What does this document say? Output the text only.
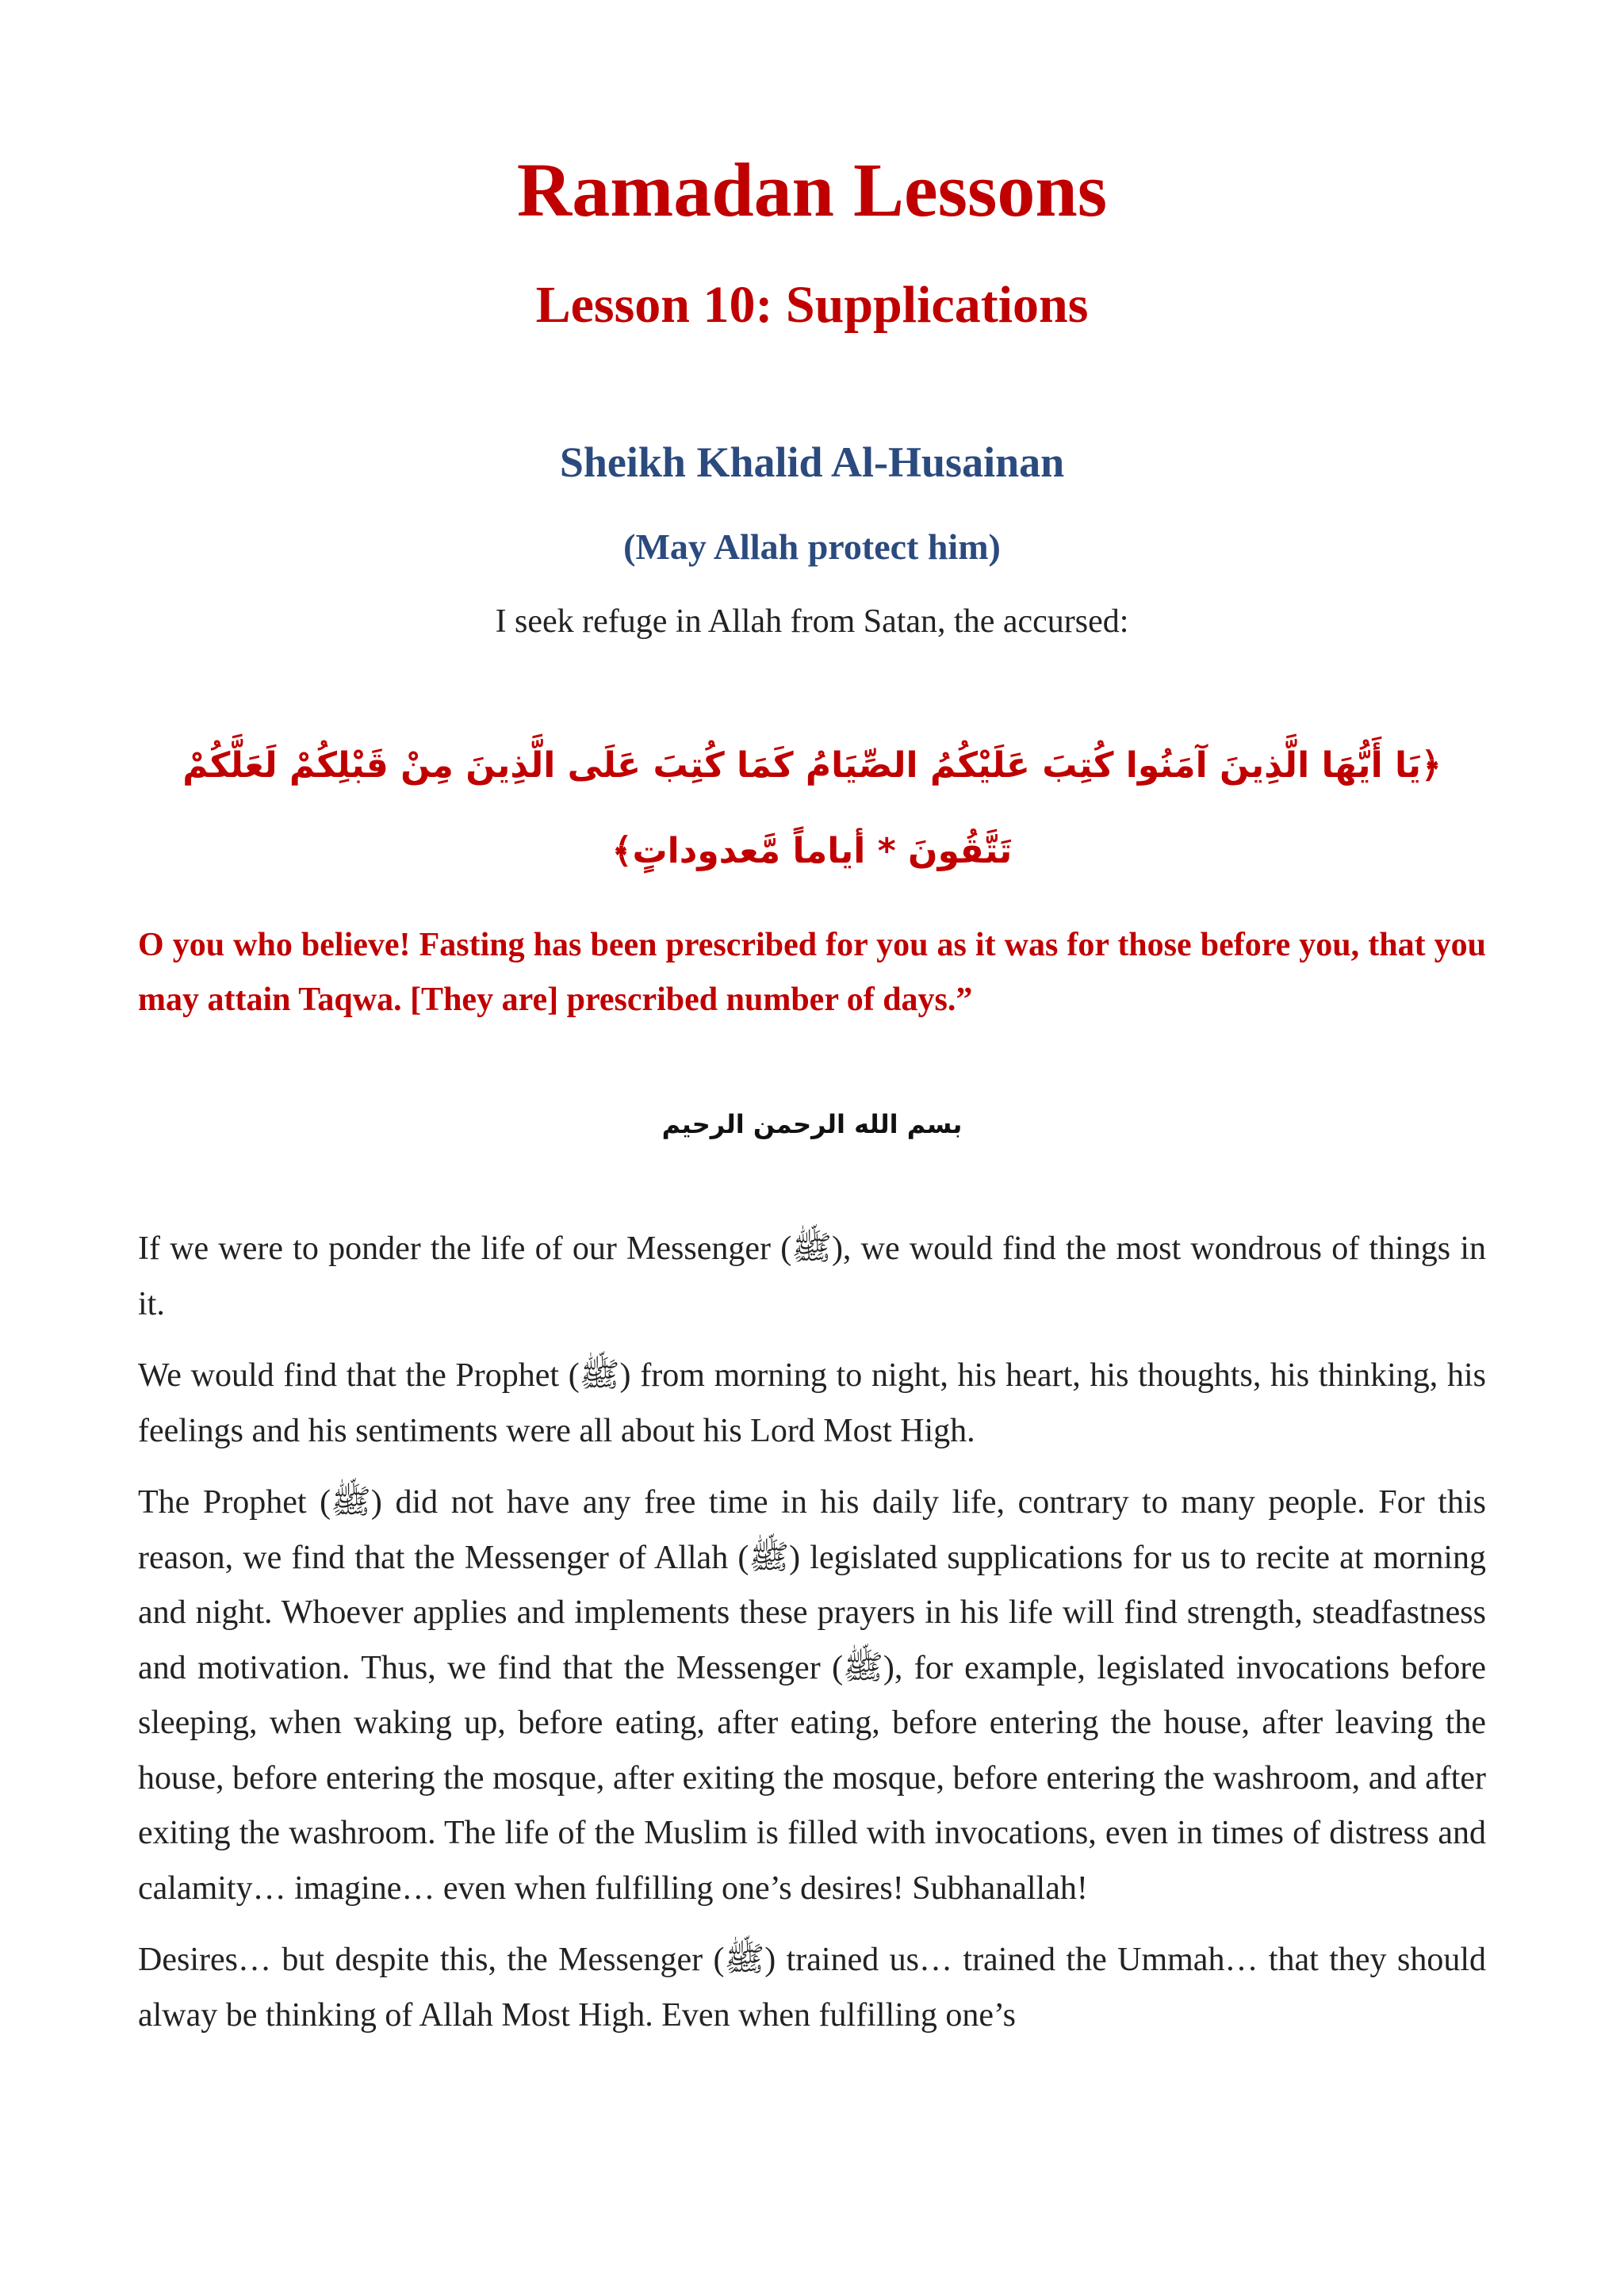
Ramadan Lessons
Lesson 10: Supplications
Sheikh Khalid Al-Husainan
(May Allah protect him)
I seek refuge in Allah from Satan, the accursed:
﴿يَا أَيُّهَا الَّذِينَ آمَنُوا كُتِبَ عَلَيْكُمُ الصِّيَامُ كَمَا كُتِبَ عَلَى الَّذِينَ مِنْ قَبْلِكُمْ لَعَلَّكُمْ تَتَّقُونَ * أياماً مَّعدوداتٍ﴾
O you who believe! Fasting has been prescribed for you as it was for those before you, that you may attain Taqwa. [They are] prescribed number of days.”
بسم الله الرحمن الرحيم

If we were to ponder the life of our Messenger (ﷺ), we would find the most wondrous of things in it.

We would find that the Prophet (ﷺ) from morning to night, his heart, his thoughts, his thinking, his feelings and his sentiments were all about his Lord Most High.

The Prophet (ﷺ) did not have any free time in his daily life, contrary to many people. For this reason, we find that the Messenger of Allah (ﷺ) legislated supplications for us to recite at morning and night. Whoever applies and implements these prayers in his life will find strength, steadfastness and motivation. Thus, we find that the Messenger (ﷺ), for example, legislated invocations before sleeping, when waking up, before eating, after eating, before entering the house, after leaving the house, before entering the mosque, after exiting the mosque, before entering the washroom, and after exiting the washroom. The life of the Muslim is filled with invocations, even in times of distress and calamity… imagine… even when fulfilling one’s desires! Subhanallah!

Desires… but despite this, the Messenger (ﷺ) trained us… trained the Ummah… that they should alway be thinking of Allah Most High. Even when fulfilling one’s
